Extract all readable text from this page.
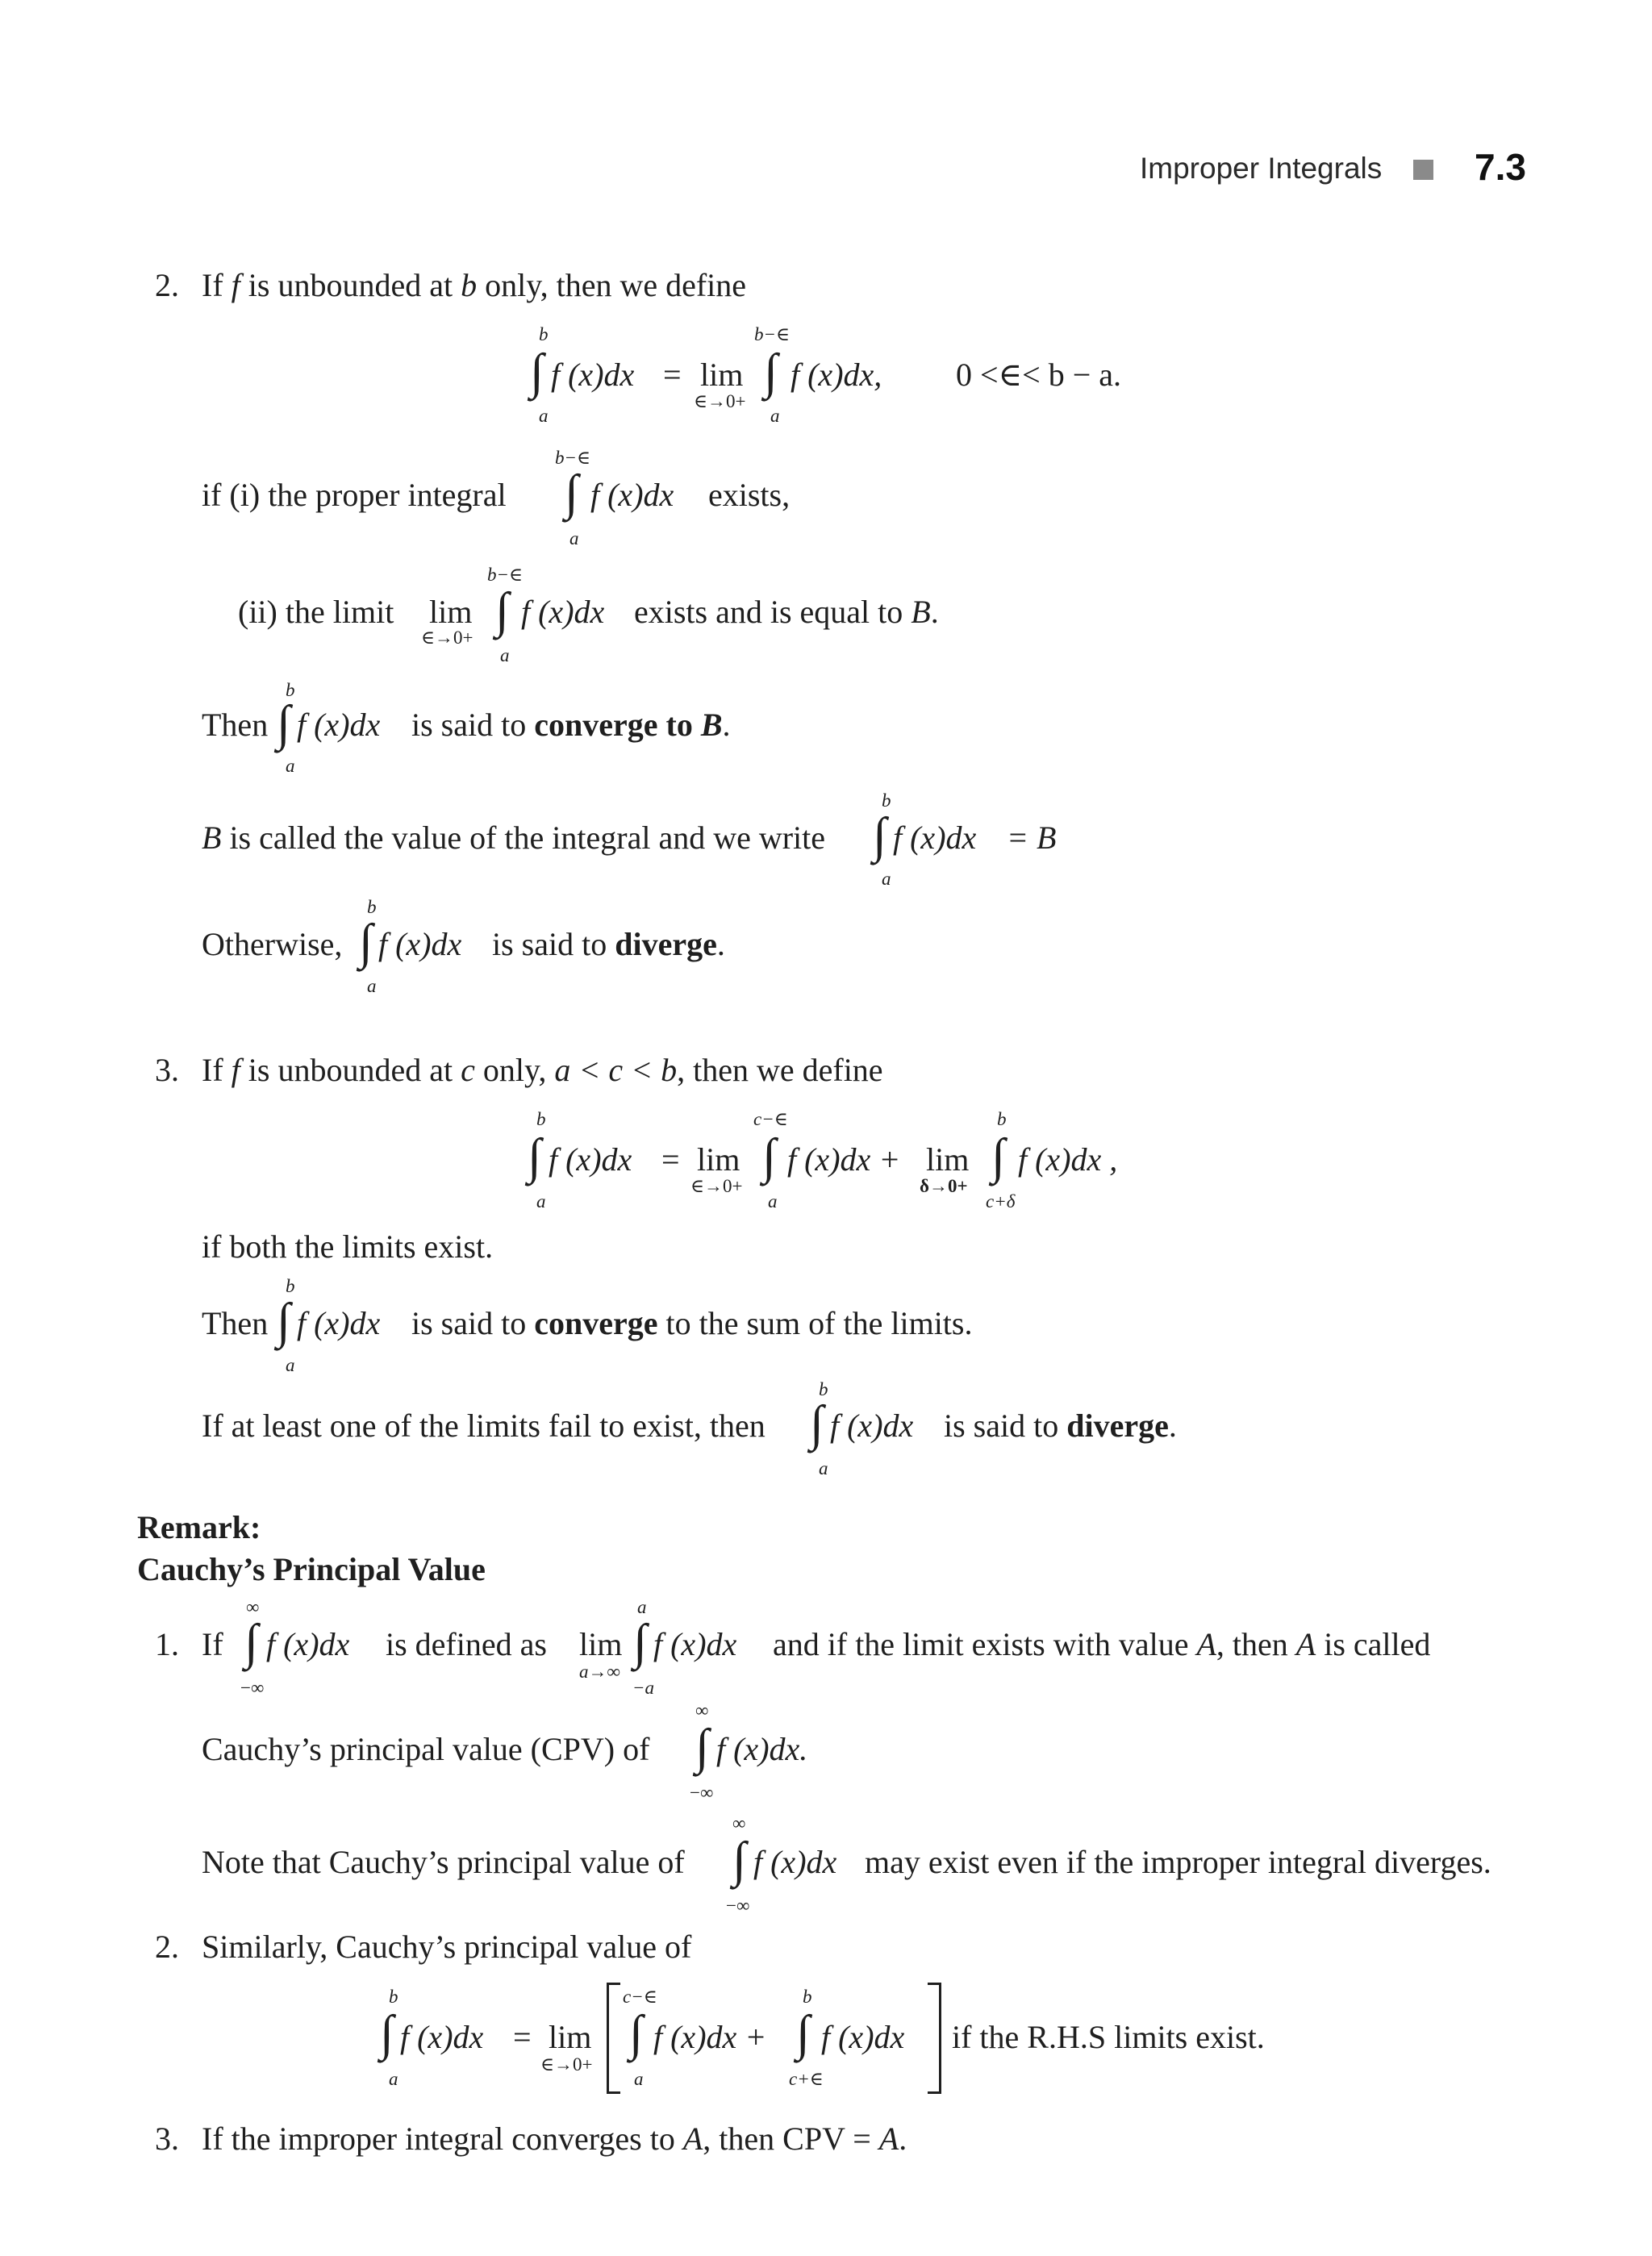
Improper Integrals 7.3
2. If f is unbounded at b only, then we define
b
∫
a
f (x)dx = lim
∈→0+
b−∈
∫
a
f (x)dx, 0 <∈< b − a.
if (i) the proper integral
b−∈
∫
a
f (x)dx exists,
(ii) the limit lim
∈→0+
b−∈
∫
a
f (x)dx exists and is equal to B.
Then
b
∫
a
f (x)dx is said to converge to B.
B is called the value of the integral and we write
b
∫
a
f (x)dx = B
Otherwise,
b
∫
a
f (x)dx is said to diverge.
3. If f is unbounded at c only, a < c < b, then we define
b
∫
a
f (x)dx = lim
∈→0+
c−∈
∫
a
f (x)dx + lim
δ→0+
b
∫
c+δ
f (x)dx ,
if both the limits exist.
Then
b
∫
a
f (x)dx is said to converge to the sum of the limits.
If at least one of the limits fail to exist, then
b
∫
a
f (x)dx is said to diverge.
Remark:
Cauchy’s Principal Value
1. If
∞
∫
−∞
f (x)dx is defined as lim
a→∞
a
∫
−a
f (x)dx and if the limit exists with value A, then A is called
Cauchy’s principal value (CPV) of
∞
∫
−∞
f (x)dx.
Note that Cauchy’s principal value of
∞
∫
−∞
f (x)dx may exist even if the improper integral diverges.
2. Similarly, Cauchy’s principal value of
b
∫
a
f (x)dx = lim
∈→0+
c−∈
∫
a
f (x)dx +
b
∫
c+∈
f (x)dx if the R.H.S limits exist.
3. If the improper integral converges to A, then CPV = A.
